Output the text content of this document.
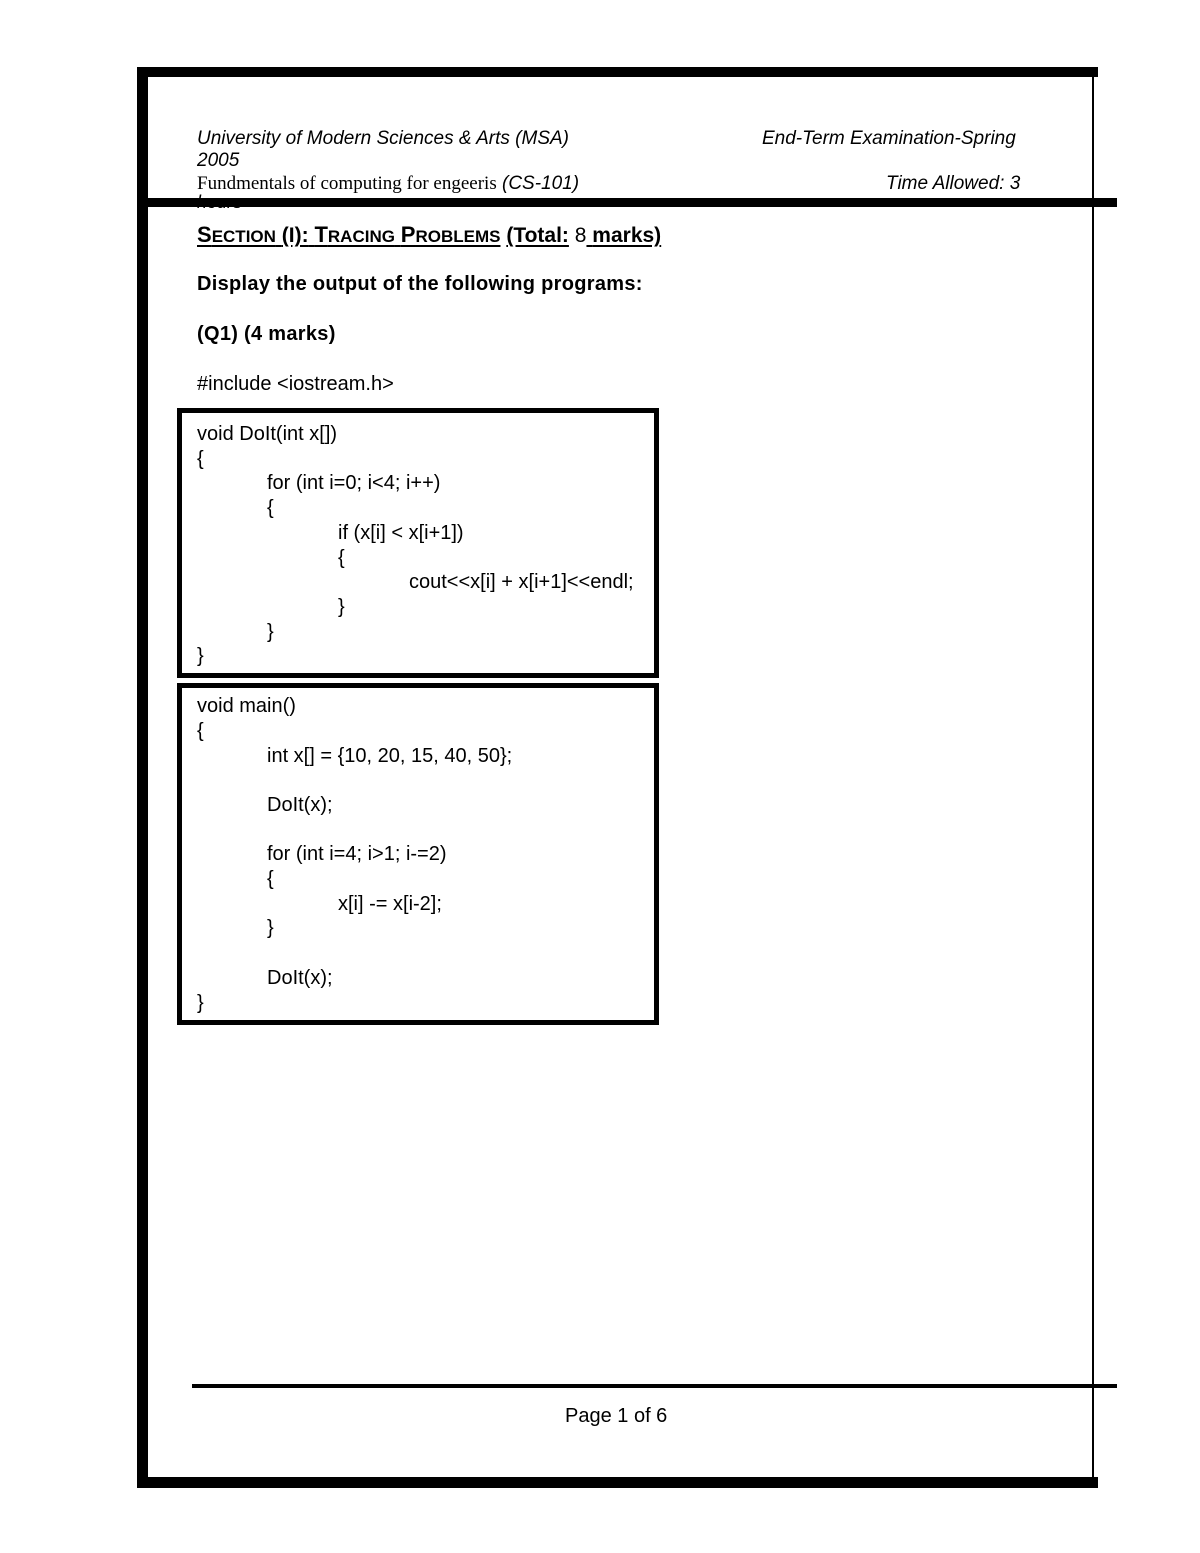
University of Modern Sciences & Arts (MSA)	End-Term Examination-Spring
2005
Fundmentals of computing for engeeris (CS-101)	Time Allowed: 3
SECTION (I): TRACING PROBLEMS (Total: 8 marks)
Display the output of the following programs:
(Q1) (4 marks)
#include <iostream.h>
void DoIt(int x[])
{
for (int i=0; i<4; i++)
{
if (x[i] < x[i+1])
{
cout<<x[i] + x[i+1]<<endl;
}
}
}
void main()
{
int x[] = {10, 20, 15, 40, 50};
DoIt(x);
for (int i=4; i>1; i-=2)
{
x[i] -= x[i-2];
}
DoIt(x);
}
Page 1 of 6
